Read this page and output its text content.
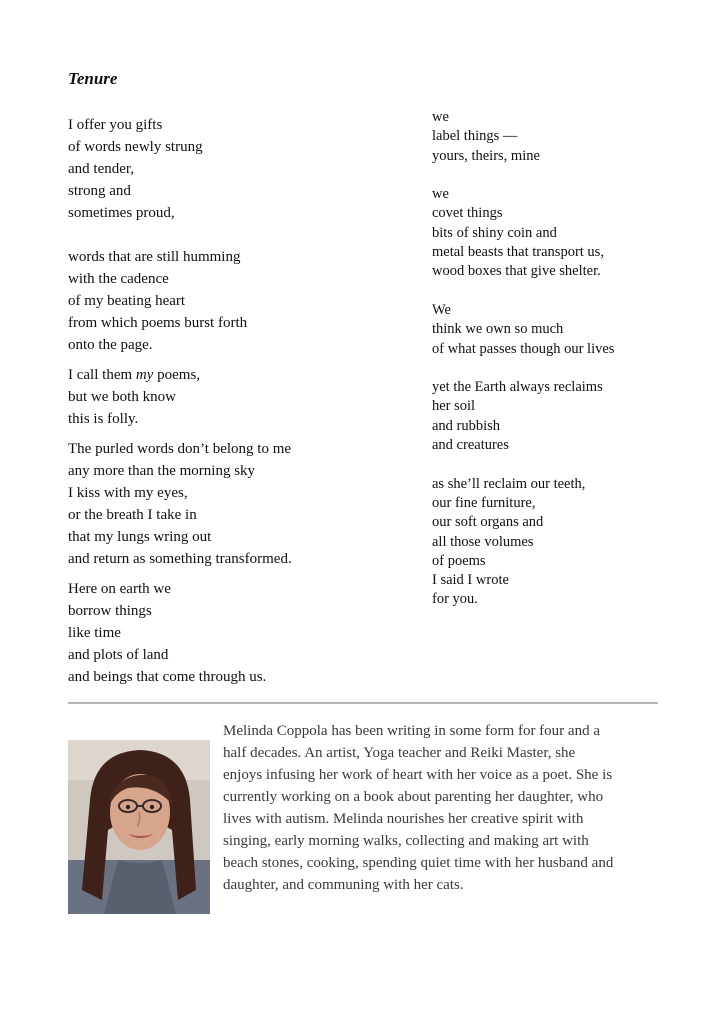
Tenure
I offer you gifts
of words newly strung
and tender,
strong and
sometimes proud,
words that are still humming
with the cadence
of my beating heart
from which poems burst forth
onto the page.
I call them my poems,
but we both know
this is folly.
The purled words don’t belong to me
any more than the morning sky
I kiss with my eyes,
or the breath I take in
that my lungs wring out
and return as something transformed.
Here on earth we
borrow things
like time
and plots of land
and beings that come through us.
we
label things —
yours, theirs, mine
we
covet things
bits of shiny coin and
metal beasts that transport us,
wood boxes that give shelter.
We
think we own so much
of what passes though our lives
yet the Earth always reclaims
her soil
and rubbish
and creatures
as she’ll reclaim our teeth,
our fine furniture,
our soft organs and
all those volumes
of poems
I said I wrote
for you.
Melinda Coppola has been writing in some form for four and a
half decades. An artist, Yoga teacher and Reiki Master, she
enjoys infusing her work of heart with her voice as a poet. She is
currently working on a book about parenting her daughter, who
lives with autism. Melinda nourishes her creative spirit with
singing, early morning walks, collecting and making art with
beach stones, cooking, spending quiet time with her husband and
daughter, and communing with her cats.
